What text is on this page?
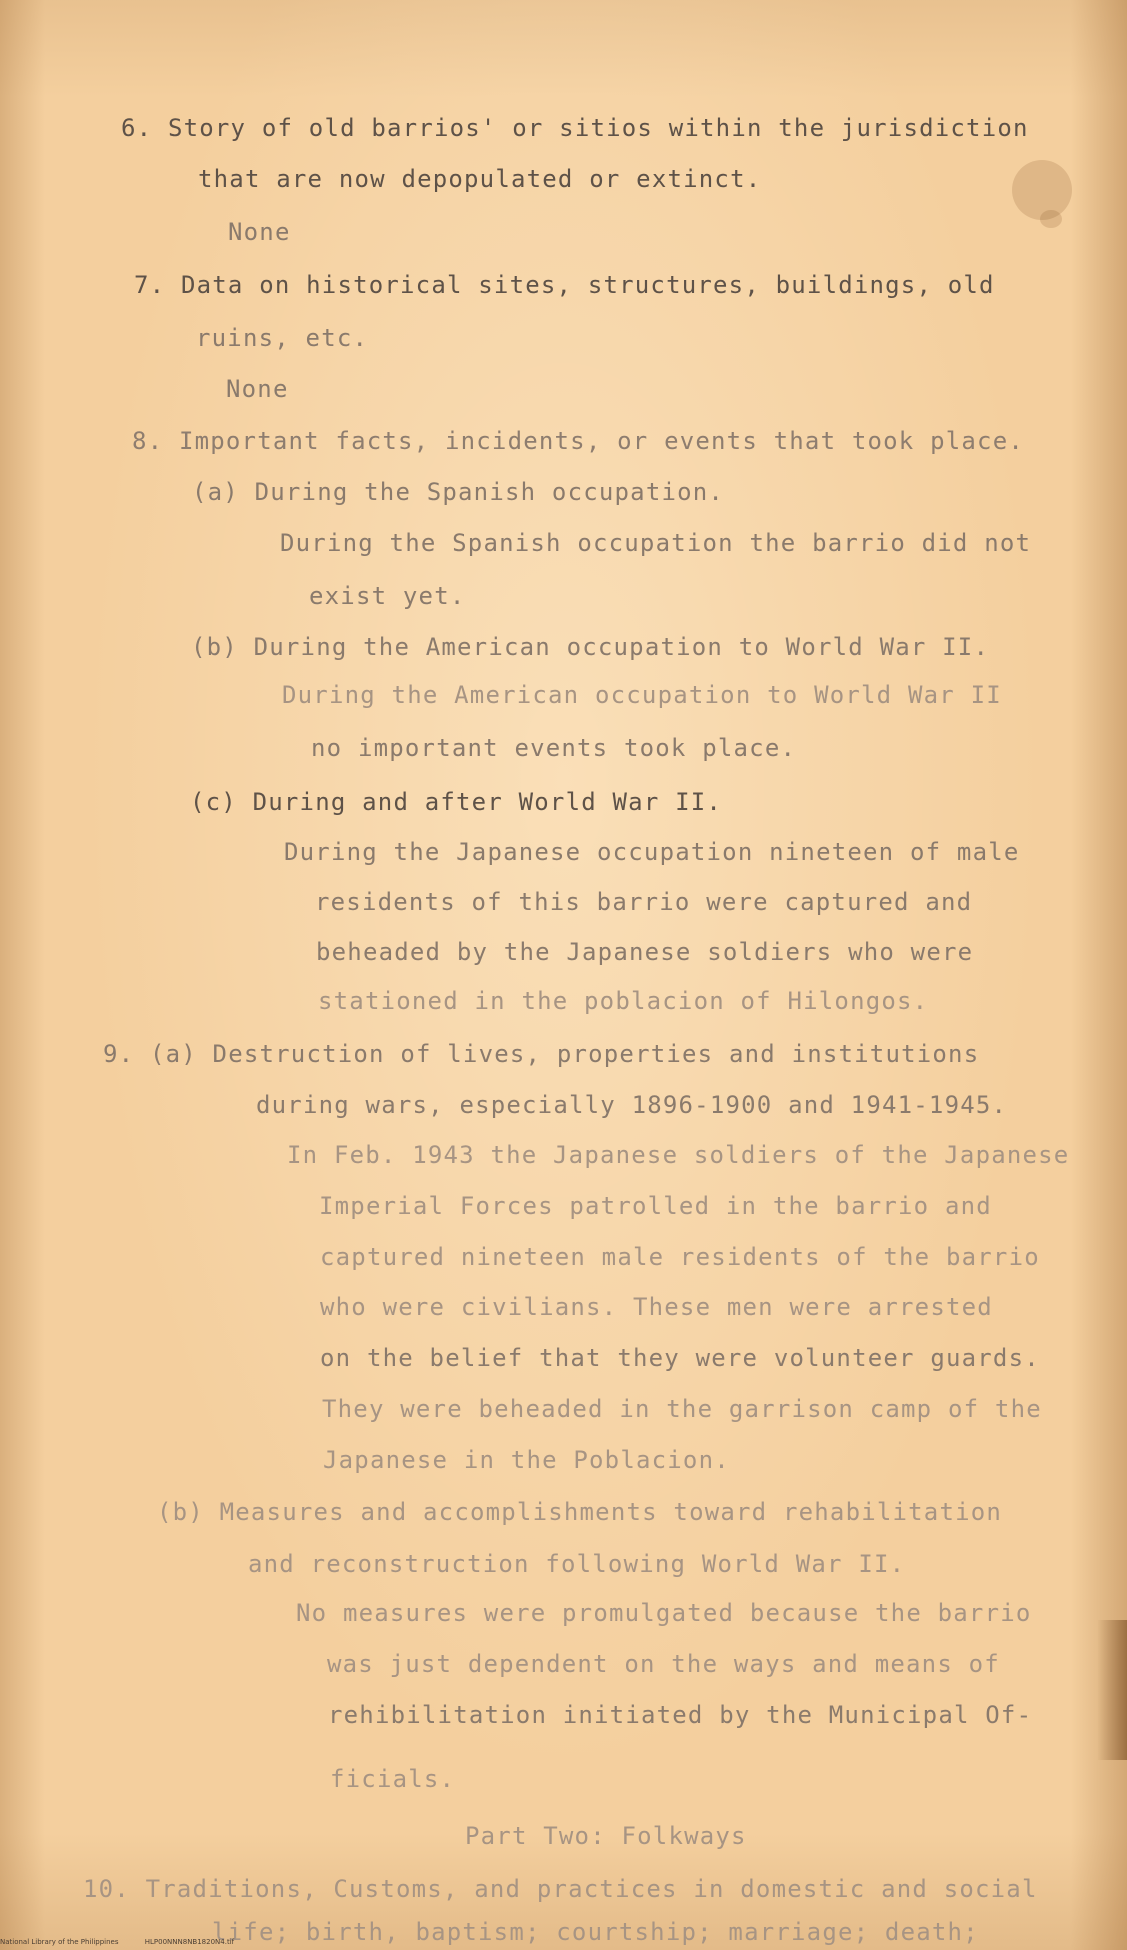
6. Story of old barrios' or sitios within the jurisdiction
that are now depopulated or extinct.
None
7. Data on historical sites, structures, buildings, old
ruins, etc.
None
8. Important facts, incidents, or events that took place.
(a) During the Spanish occupation.
During the Spanish occupation the barrio did not
exist yet.
(b) During the American occupation to World War II.
During the American occupation to World War II
no important events took place.
(c) During and after World War II.
During the Japanese occupation nineteen of male
residents of this barrio were captured and
beheaded by the Japanese soldiers who were
stationed in the poblacion of Hilongos.
9. (a) Destruction of lives, properties and institutions
during wars, especially 1896-1900 and 1941-1945.
In Feb. 1943 the Japanese soldiers of the Japanese
Imperial Forces patrolled in the barrio and
captured nineteen male residents of the barrio
who were civilians. These men were arrested
on the belief that they were volunteer guards.
They were beheaded in the garrison camp of the
Japanese in the Poblacion.
(b) Measures and accomplishments toward rehabilitation
and reconstruction following World War II.
No measures were promulgated because the barrio
was just dependent on the ways and means of
rehibilitation initiated by the Municipal Of-
ficials.
Part Two: Folkways
10. Traditions, Customs, and practices in domestic and social
life; birth, baptism; courtship; marriage; death;
National Library of the Philippines	HLP00NNN8NB1820N4.tif
